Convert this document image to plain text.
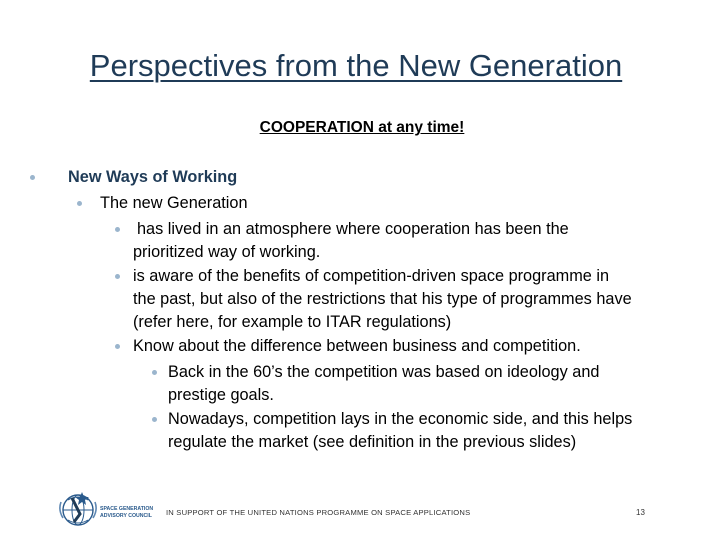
Perspectives from the New Generation
COOPERATION at any time!
New Ways of Working
The new Generation
has lived in an atmosphere where cooperation has been the
prioritized way of working.
is aware of the benefits of competition-driven space programme in
the past, but also of the restrictions that his type of programmes have
(refer here, for example to ITAR regulations)
Know about the difference between business and competition.
Back in the 60’s the competition was based on ideology and
prestige goals.
Nowadays, competition lays in the economic side, and this helps
regulate the market (see definition in the previous slides)
SPACE GENERATION
ADVISORY COUNCIL IN SUPPORT OF THE UNITED NATIONS PROGRAMME ON SPACE APPLICATIONS	13
